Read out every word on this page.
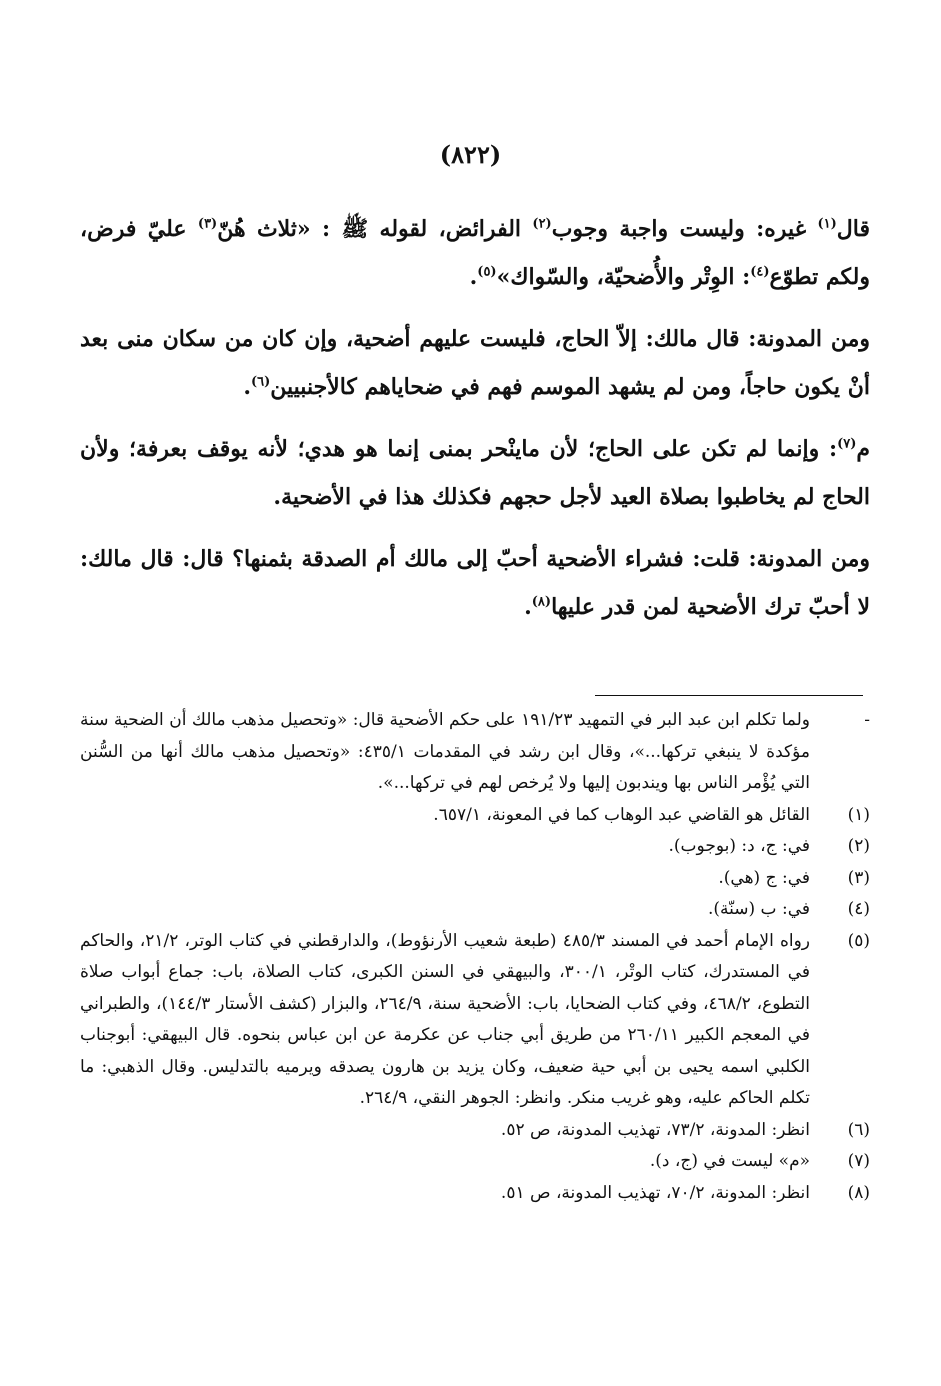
(٨٢٢)

قال$^{(١)}$ غيره: وليست واجبة وجوب$^{(٢)}$ الفرائض، لقوله ﷺ : «ثلاث هُنّ$^{(٣)}$ عليّ فرض، ولكم تطوّع$^{(٤)}$: الوِتْر والأُضحيّة، والسّواك»$^{(٥)}$.

ومن المدونة: قال مالك: إلاّ الحاج، فليست عليهم أضحية، وإن كان من سكان منى بعد أنْ يكون حاجاً، ومن لم يشهد الموسم فهم في ضحاياهم كالأجنبيين$^{(٦)}$.

م$^{(٧)}$: وإنما لم تكن على الحاج؛ لأن ماينْحر بمنى إنما هو هدي؛ لأنه يوقف بعرفة؛ ولأن الحاج لم يخاطبوا بصلاة العيد لأجل حجهم فكذلك هذا في الأضحية.

ومن المدونة: قلت: فشراء الأضحية أحبّ إلى مالك أم الصدقة بثمنها؟ قال: قال مالك: لا أحبّ ترك الأضحية لمن قدر عليها$^{(٨)}$.

-
ولما تكلم ابن عبد البر في التمهيد ١٩١/٢٣ على حكم الأضحية قال: «وتحصيل مذهب مالك أن الضحية سنة مؤكدة لا ينبغي تركها...»، وقال ابن رشد في المقدمات ٤٣٥/١: «وتحصيل مذهب مالك أنها من السُّنن التي يُؤْمر الناس بها ويندبون إليها ولا يُرخص لهم في تركها...».
(١)
القائل هو القاضي عبد الوهاب كما في المعونة، ٦٥٧/١.
(٢)
في: ج، د: (بوجوب).
(٣)
في: ج (هي).
(٤)
في: ب (سنّة).
(٥)
رواه الإمام أحمد في المسند ٤٨٥/٣ (طبعة شعيب الأرنؤوط)، والدارقطني في كتاب الوتر، ٢١/٢، والحاكم في المستدرك، كتاب الوتْر، ٣٠٠/١، والبيهقي في السنن الكبرى، كتاب الصلاة، باب: جماع أبواب صلاة التطوع، ٤٦٨/٢، وفي كتاب الضحايا، باب: الأضحية سنة، ٢٦٤/٩، والبزار (كشف الأستار ١٤٤/٣)، والطبراني في المعجم الكبير ٢٦٠/١١ من طريق أبي جناب عن عكرمة عن ابن عباس بنحوه. قال البيهقي: أبوجناب الكلبي اسمه يحيى بن أبي حية ضعيف، وكان يزيد بن هارون يصدقه ويرميه بالتدليس. وقال الذهبي: ما تكلم الحاكم عليه، وهو غريب منكر. وانظر: الجوهر النقي، ٢٦٤/٩.
(٦)
انظر: المدونة، ٧٣/٢، تهذيب المدونة، ص ٥٢.
(٧)
«م» ليست في (ج، د).
(٨)
انظر: المدونة، ٧٠/٢، تهذيب المدونة، ص ٥١.
